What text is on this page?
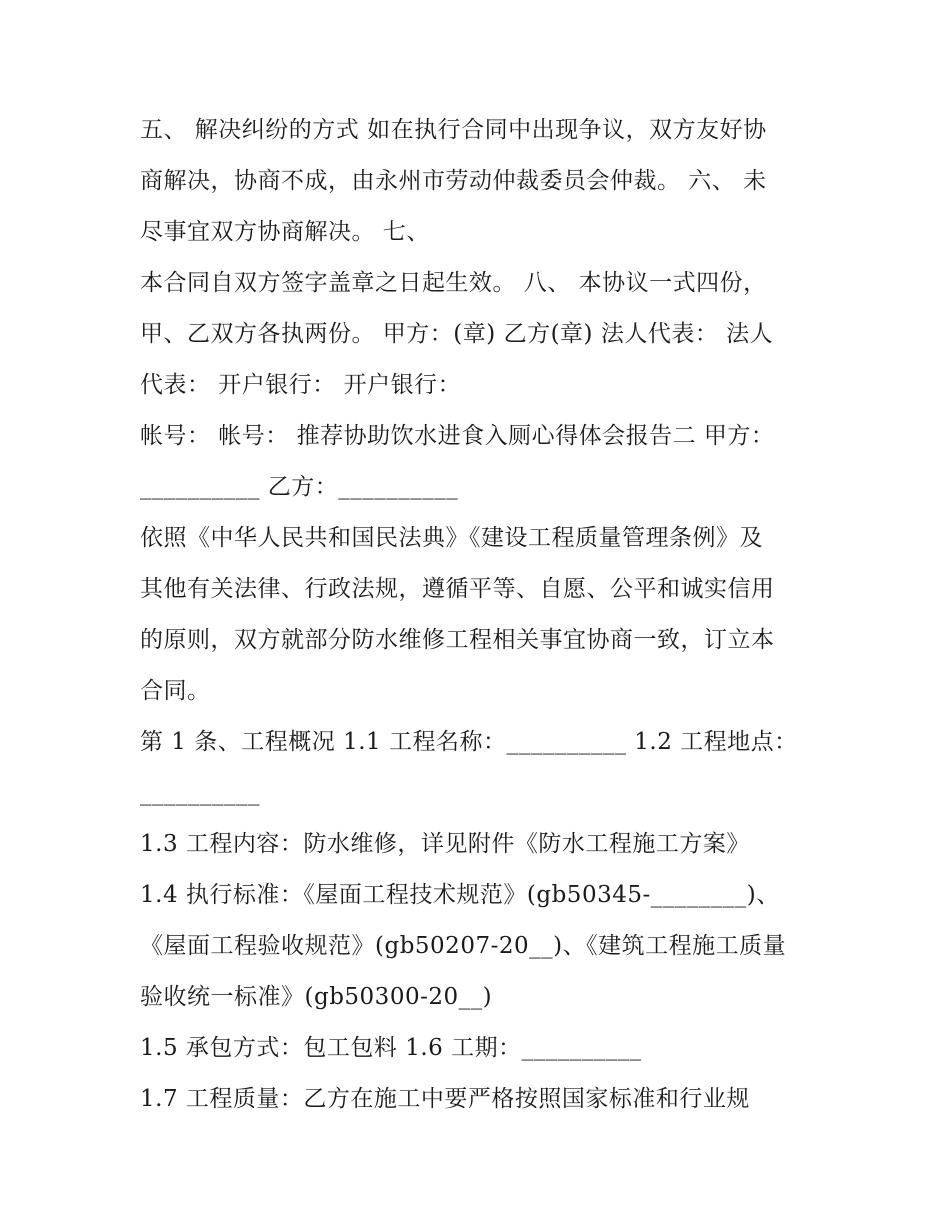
五、 解决纠纷的方式 如在执行合同中出现争议，双方友好协
商解决，协商不成，由永州市劳动仲裁委员会仲裁。 六、 未
尽事宜双方协商解决。 七、
本合同自双方签字盖章之日起生效。 八、 本协议一式四份，
甲、乙双方各执两份。 甲方：(章) 乙方(章) 法人代表： 法人
代表： 开户银行： 开户银行：
帐号： 帐号： 推荐协助饮水进食入厕心得体会报告二 甲方：
__________ 乙方：__________
依照《中华人民共和国民法典》《建设工程质量管理条例》及
其他有关法律、行政法规，遵循平等、自愿、公平和诚实信用
的原则，双方就部分防水维修工程相关事宜协商一致，订立本
合同。
第 1 条、工程概况 1.1 工程名称：__________ 1.2 工程地点：
__________
1.3 工程内容：防水维修，详见附件《防水工程施工方案》
1.4 执行标准：《屋面工程技术规范》(gb50345-________)、
《屋面工程验收规范》(gb50207-20__)、《建筑工程施工质量
验收统一标准》(gb50300-20__)
1.5 承包方式：包工包料 1.6 工期：__________
1.7 工程质量：乙方在施工中要严格按照国家标准和行业规
